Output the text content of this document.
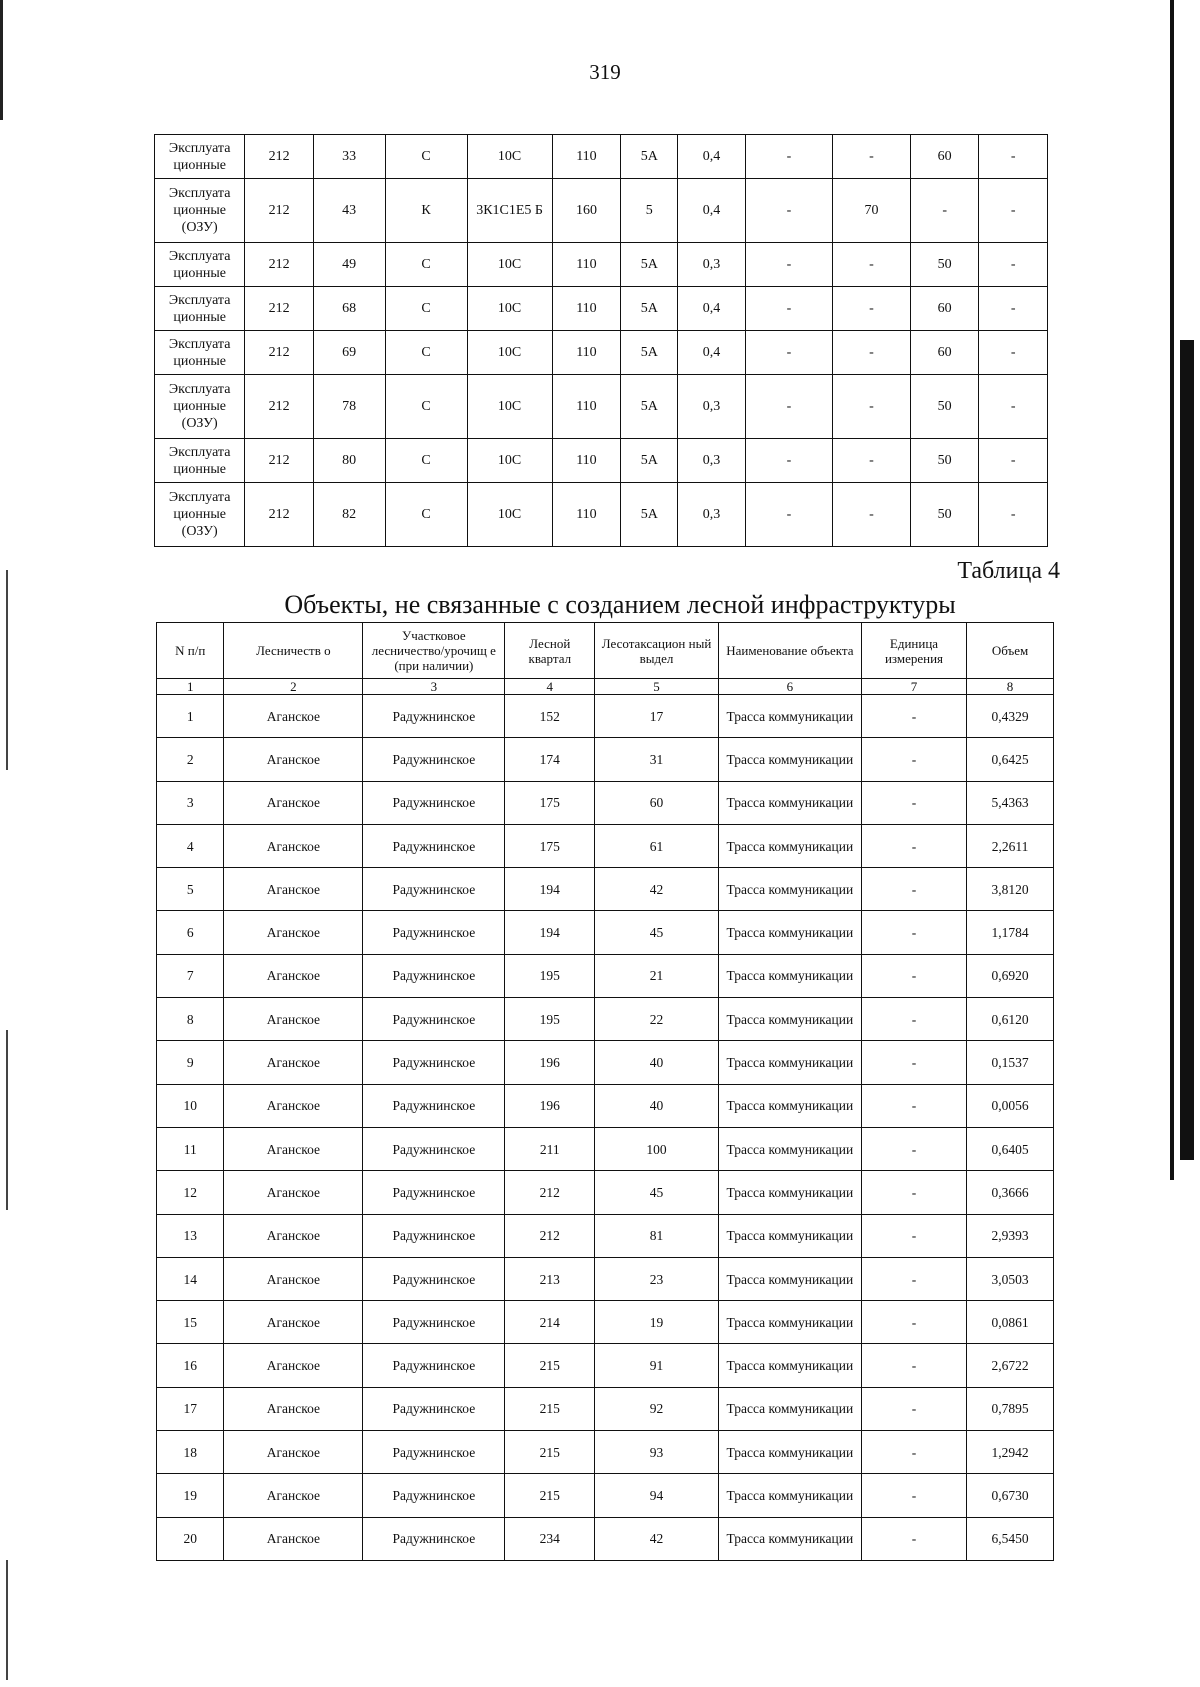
319
Эксплуата ционные	212	33	С	10С	110	5А	0,4	-	-	60	-
Эксплуата ционные (ОЗУ)	212	43	К	3К1С1Е5 Б	160	5	0,4	-	70	-	-
Эксплуата ционные	212	49	С	10С	110	5А	0,3	-	-	50	-
Эксплуата ционные	212	68	С	10С	110	5А	0,4	-	-	60	-
Эксплуата ционные	212	69	С	10С	110	5А	0,4	-	-	60	-
Эксплуата ционные (ОЗУ)	212	78	С	10С	110	5А	0,3	-	-	50	-
Эксплуата ционные	212	80	С	10С	110	5А	0,3	-	-	50	-
Эксплуата ционные (ОЗУ)	212	82	С	10С	110	5А	0,3	-	-	50	-
Таблица 4
Объекты, не связанные с созданием лесной инфраструктуры
N п/п	Лесничеств о	Участковое лесничество/урочищ е (при наличии)	Лесной квартал	Лесотаксацион ный выдел	Наименование объекта	Единица измерения	Объем
1	2	3	4	5	6	7	8
1	Аганское	Радужнинское	152	17	Трасса коммуникации	-	0,4329
2	Аганское	Радужнинское	174	31	Трасса коммуникации	-	0,6425
3	Аганское	Радужнинское	175	60	Трасса коммуникации	-	5,4363
4	Аганское	Радужнинское	175	61	Трасса коммуникации	-	2,2611
5	Аганское	Радужнинское	194	42	Трасса коммуникации	-	3,8120
6	Аганское	Радужнинское	194	45	Трасса коммуникации	-	1,1784
7	Аганское	Радужнинское	195	21	Трасса коммуникации	-	0,6920
8	Аганское	Радужнинское	195	22	Трасса коммуникации	-	0,6120
9	Аганское	Радужнинское	196	40	Трасса коммуникации	-	0,1537
10	Аганское	Радужнинское	196	40	Трасса коммуникации	-	0,0056
11	Аганское	Радужнинское	211	100	Трасса коммуникации	-	0,6405
12	Аганское	Радужнинское	212	45	Трасса коммуникации	-	0,3666
13	Аганское	Радужнинское	212	81	Трасса коммуникации	-	2,9393
14	Аганское	Радужнинское	213	23	Трасса коммуникации	-	3,0503
15	Аганское	Радужнинское	214	19	Трасса коммуникации	-	0,0861
16	Аганское	Радужнинское	215	91	Трасса коммуникации	-	2,6722
17	Аганское	Радужнинское	215	92	Трасса коммуникации	-	0,7895
18	Аганское	Радужнинское	215	93	Трасса коммуникации	-	1,2942
19	Аганское	Радужнинское	215	94	Трасса коммуникации	-	0,6730
20	Аганское	Радужнинское	234	42	Трасса коммуникации	-	6,5450
